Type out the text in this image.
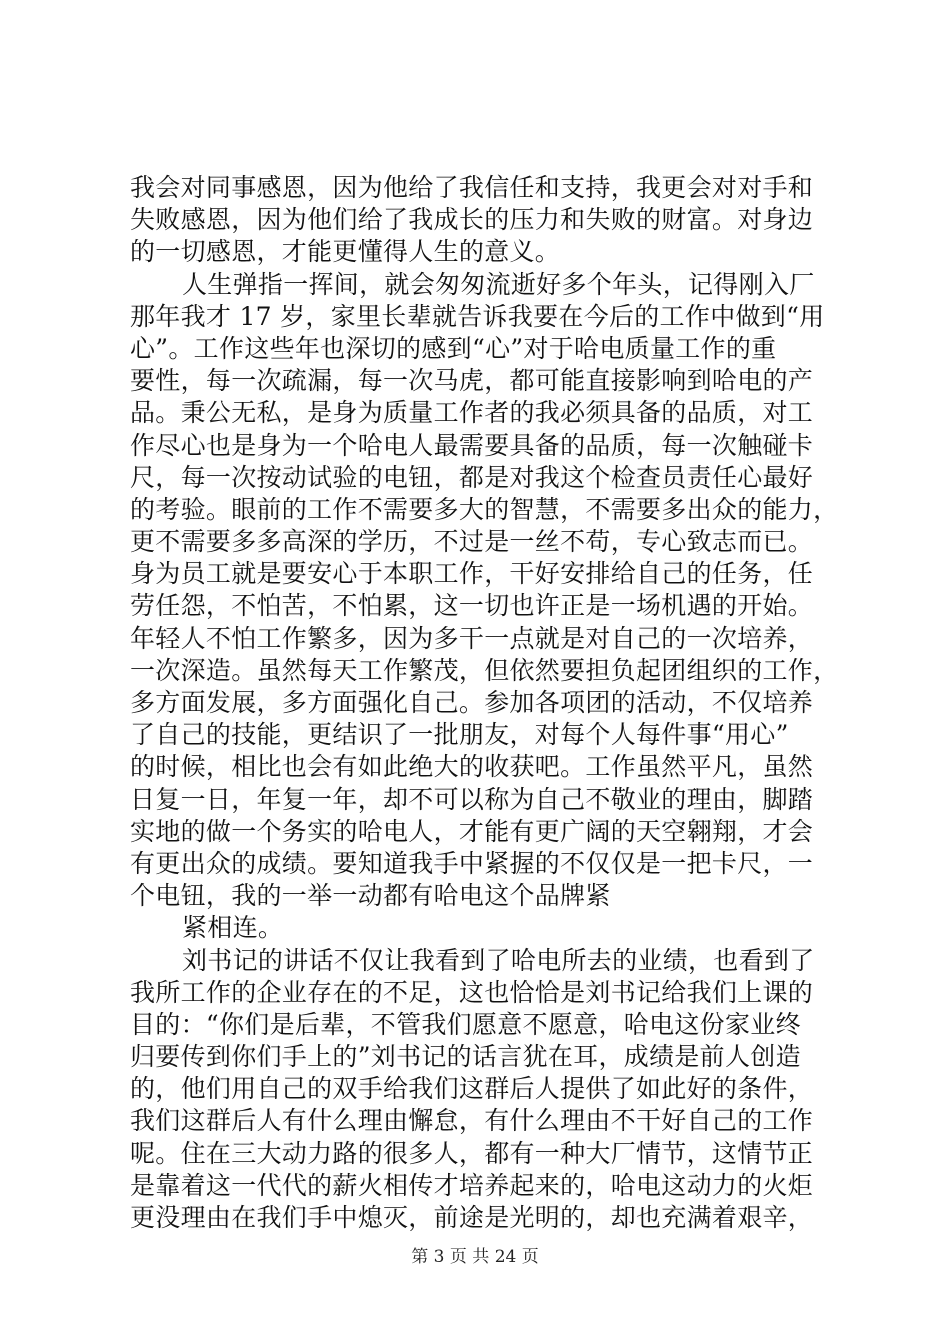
我会对同事感恩，因为他给了我信任和支持，我更会对对手和
失败感恩，因为他们给了我成长的压力和失败的财富。对身边
的一切感恩，才能更懂得人生的意义。
人生弹指一挥间，就会匆匆流逝好多个年头，记得刚入厂
那年我才 17 岁，家里长辈就告诉我要在今后的工作中做到“用
心”。工作这些年也深切的感到“心”对于哈电质量工作的重
要性，每一次疏漏，每一次马虎，都可能直接影响到哈电的产
品。秉公无私，是身为质量工作者的我必须具备的品质，对工
作尽心也是身为一个哈电人最需要具备的品质，每一次触碰卡
尺，每一次按动试验的电钮，都是对我这个检查员责任心最好
的考验。眼前的工作不需要多大的智慧，不需要多出众的能力，
更不需要多多高深的学历，不过是一丝不苟，专心致志而已。
身为员工就是要安心于本职工作，干好安排给自己的任务，任
劳任怨，不怕苦，不怕累，这一切也许正是一场机遇的开始。
年轻人不怕工作繁多，因为多干一点就是对自己的一次培养，
一次深造。虽然每天工作繁茂，但依然要担负起团组织的工作，
多方面发展，多方面强化自己。参加各项团的活动，不仅培养
了自己的技能，更结识了一批朋友，对每个人每件事“用心”
的时候，相比也会有如此绝大的收获吧。工作虽然平凡，虽然
日复一日，年复一年，却不可以称为自己不敬业的理由，脚踏
实地的做一个务实的哈电人，才能有更广阔的天空翱翔，才会
有更出众的成绩。要知道我手中紧握的不仅仅是一把卡尺，一
个电钮，我的一举一动都有哈电这个品牌紧
紧相连。
刘书记的讲话不仅让我看到了哈电所去的业绩，也看到了
我所工作的企业存在的不足，这也恰恰是刘书记给我们上课的
目的：“你们是后辈，不管我们愿意不愿意，哈电这份家业终
归要传到你们手上的”刘书记的话言犹在耳，成绩是前人创造
的，他们用自己的双手给我们这群后人提供了如此好的条件，
我们这群后人有什么理由懈怠，有什么理由不干好自己的工作
呢。住在三大动力路的很多人，都有一种大厂情节，这情节正
是靠着这一代代的薪火相传才培养起来的，哈电这动力的火炬
更没理由在我们手中熄灭，前途是光明的，却也充满着艰辛，
第 3 页 共 24 页
